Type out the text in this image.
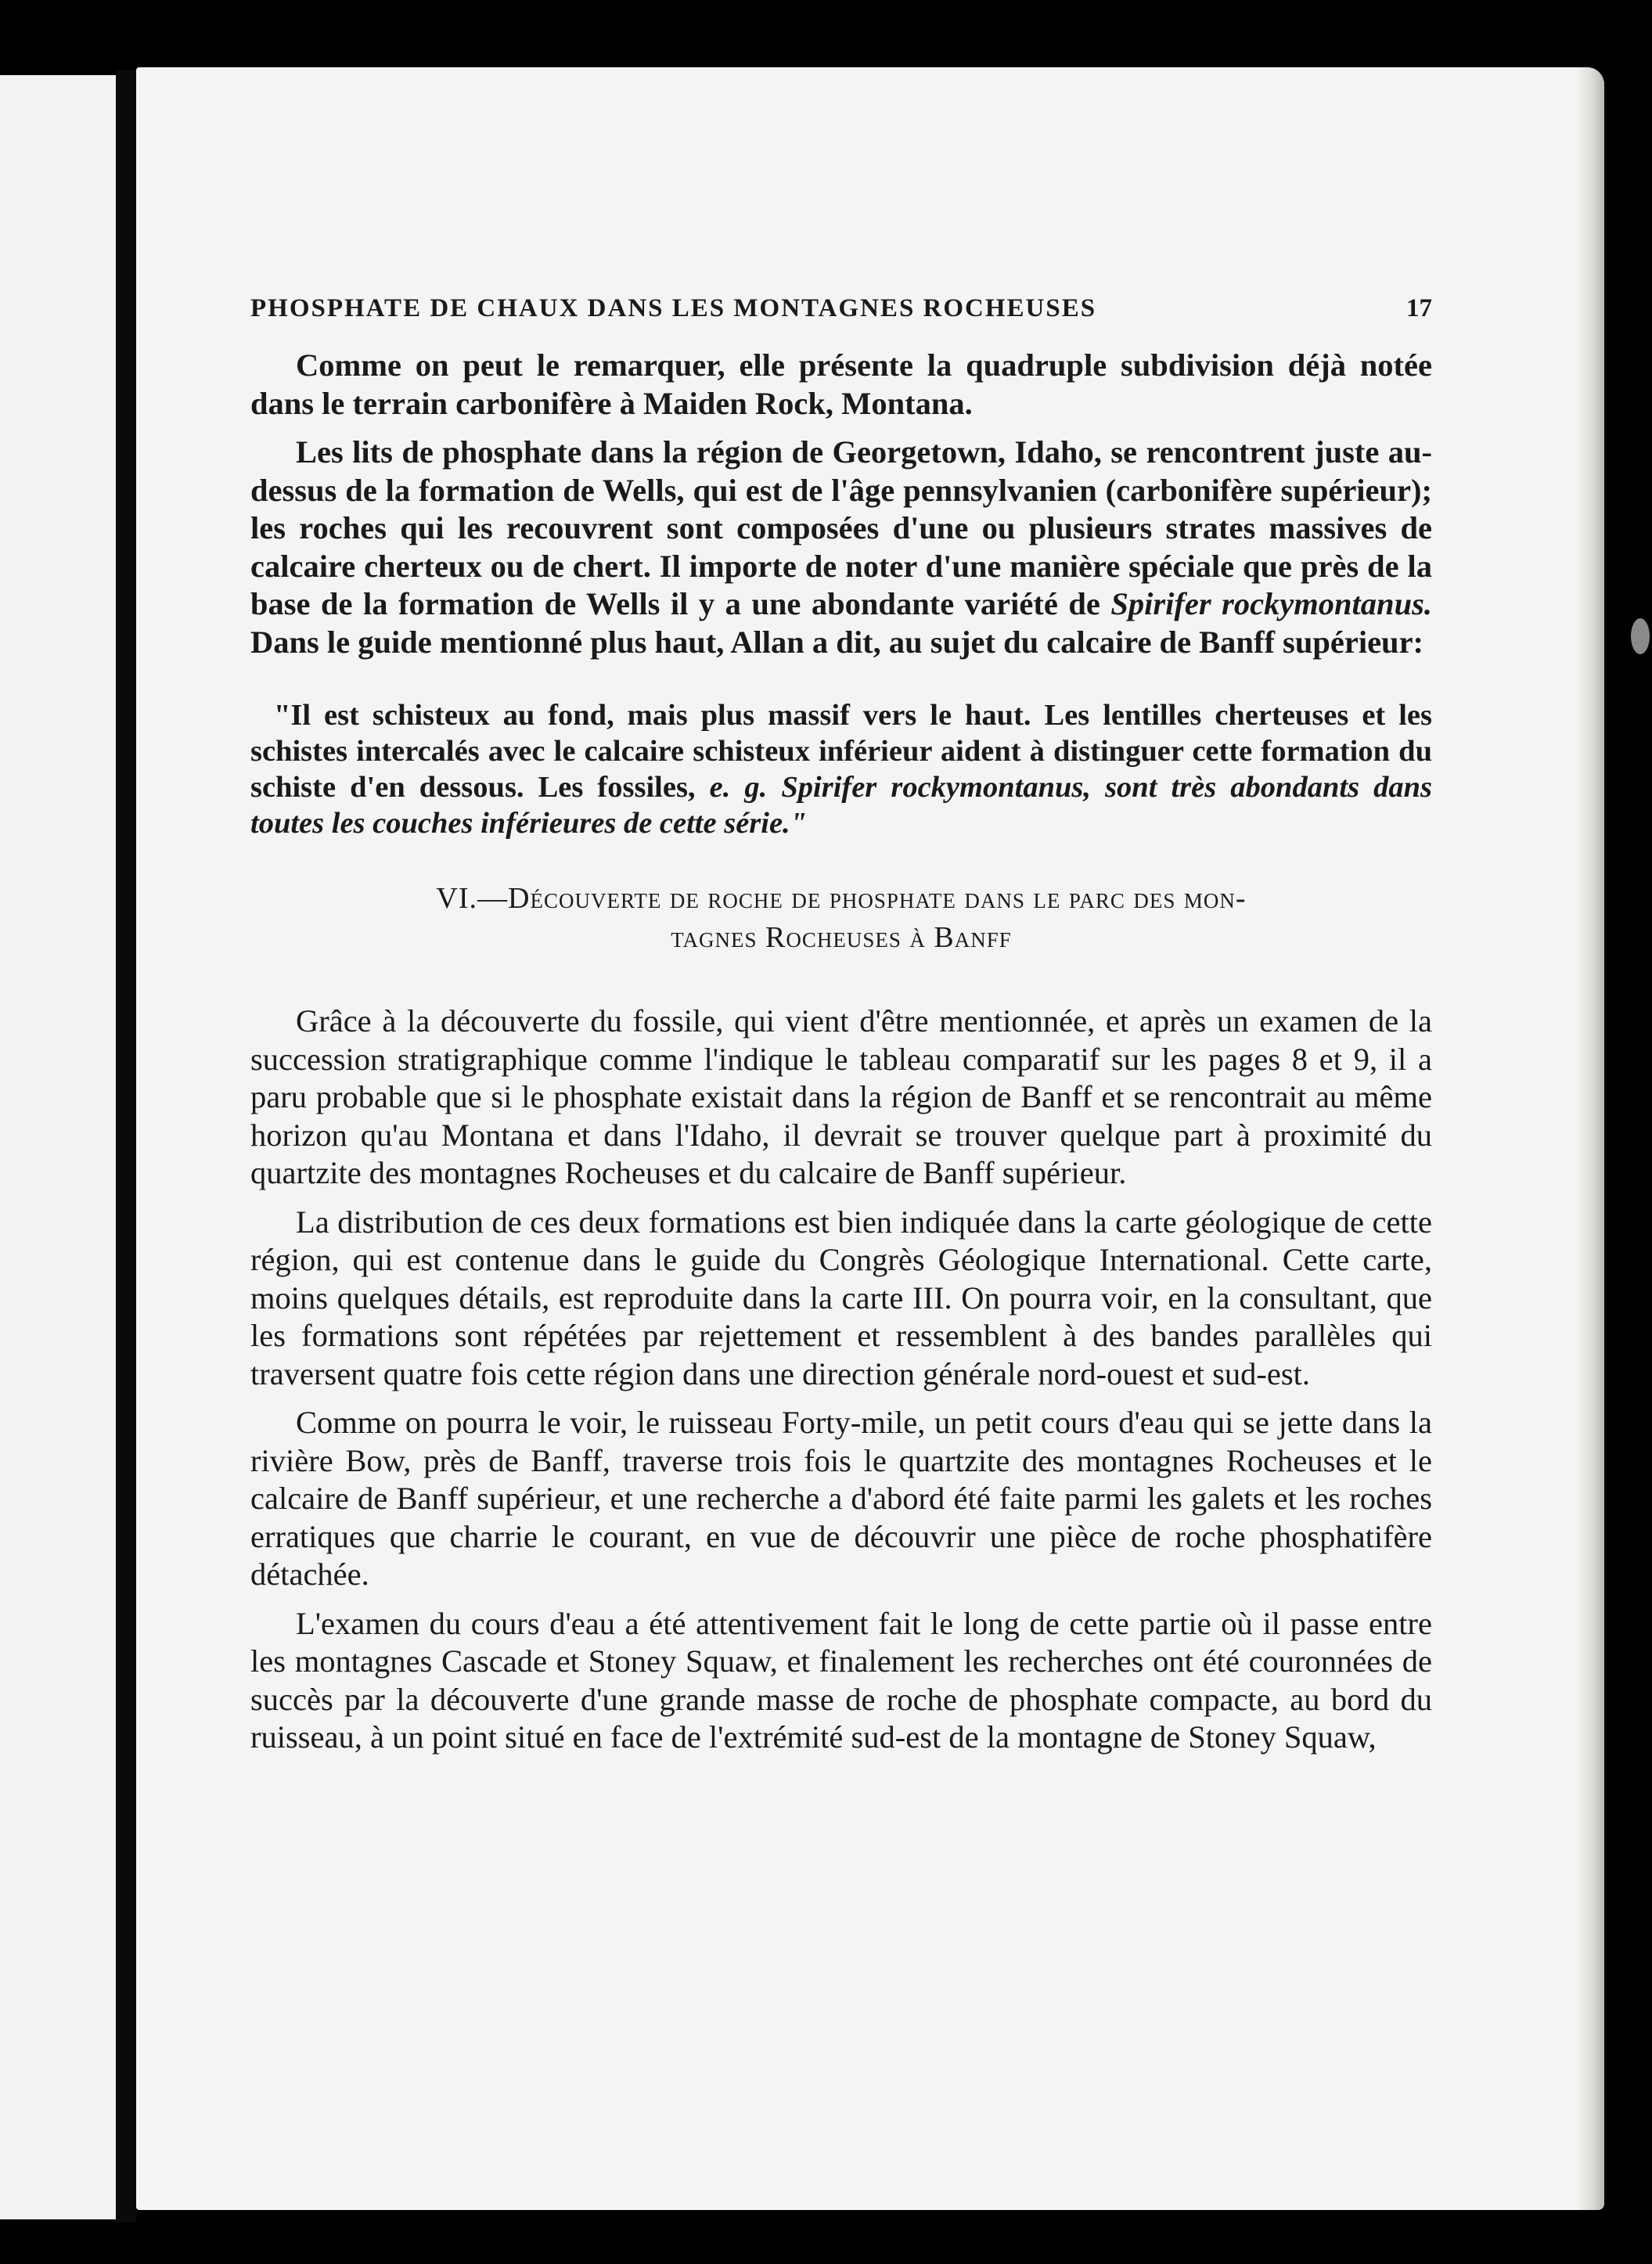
PHOSPHATE DE CHAUX DANS LES MONTAGNES ROCHEUSES	17

Comme on peut le remarquer, elle présente la quadruple subdivision déjà notée dans le terrain carbonifère à Maiden Rock, Montana.

Les lits de phosphate dans la région de Georgetown, Idaho, se rencontrent juste au-dessus de la formation de Wells, qui est de l'âge pennsylvanien (carbonifère supérieur); les roches qui les recouvrent sont composées d'une ou plusieurs strates massives de calcaire cherteux ou de chert. Il importe de noter d'une manière spéciale que près de la base de la formation de Wells il y a une abondante variété de Spirifer rockymontanus. Dans le guide mentionné plus haut, Allan a dit, au sujet du calcaire de Banff supérieur:

"Il est schisteux au fond, mais plus massif vers le haut. Les lentilles cherteuses et les schistes intercalés avec le calcaire schisteux inférieur aident à distinguer cette formation du schiste d'en dessous. Les fossiles, e. g. Spirifer rockymontanus, sont très abondants dans toutes les couches inférieures de cette série."

VI.—Découverte de roche de phosphate dans le parc des mon-
tagnes Rocheuses à Banff

Grâce à la découverte du fossile, qui vient d'être mentionnée, et après un examen de la succession stratigraphique comme l'indique le tableau comparatif sur les pages 8 et 9, il a paru probable que si le phosphate existait dans la région de Banff et se rencontrait au même horizon qu'au Montana et dans l'Idaho, il devrait se trouver quelque part à proximité du quartzite des montagnes Rocheuses et du calcaire de Banff supérieur.

La distribution de ces deux formations est bien indiquée dans la carte géologique de cette région, qui est contenue dans le guide du Congrès Géologique International. Cette carte, moins quelques détails, est reproduite dans la carte III. On pourra voir, en la consultant, que les formations sont répétées par rejettement et ressemblent à des bandes parallèles qui traversent quatre fois cette région dans une direction générale nord-ouest et sud-est.

Comme on pourra le voir, le ruisseau Forty-mile, un petit cours d'eau qui se jette dans la rivière Bow, près de Banff, traverse trois fois le quartzite des montagnes Rocheuses et le calcaire de Banff supérieur, et une recherche a d'abord été faite parmi les galets et les roches erratiques que charrie le courant, en vue de découvrir une pièce de roche phosphatifère détachée.

L'examen du cours d'eau a été attentivement fait le long de cette partie où il passe entre les montagnes Cascade et Stoney Squaw, et finalement les recherches ont été couronnées de succès par la découverte d'une grande masse de roche de phosphate compacte, au bord du ruisseau, à un point situé en face de l'extrémité sud-est de la montagne de Stoney Squaw,
